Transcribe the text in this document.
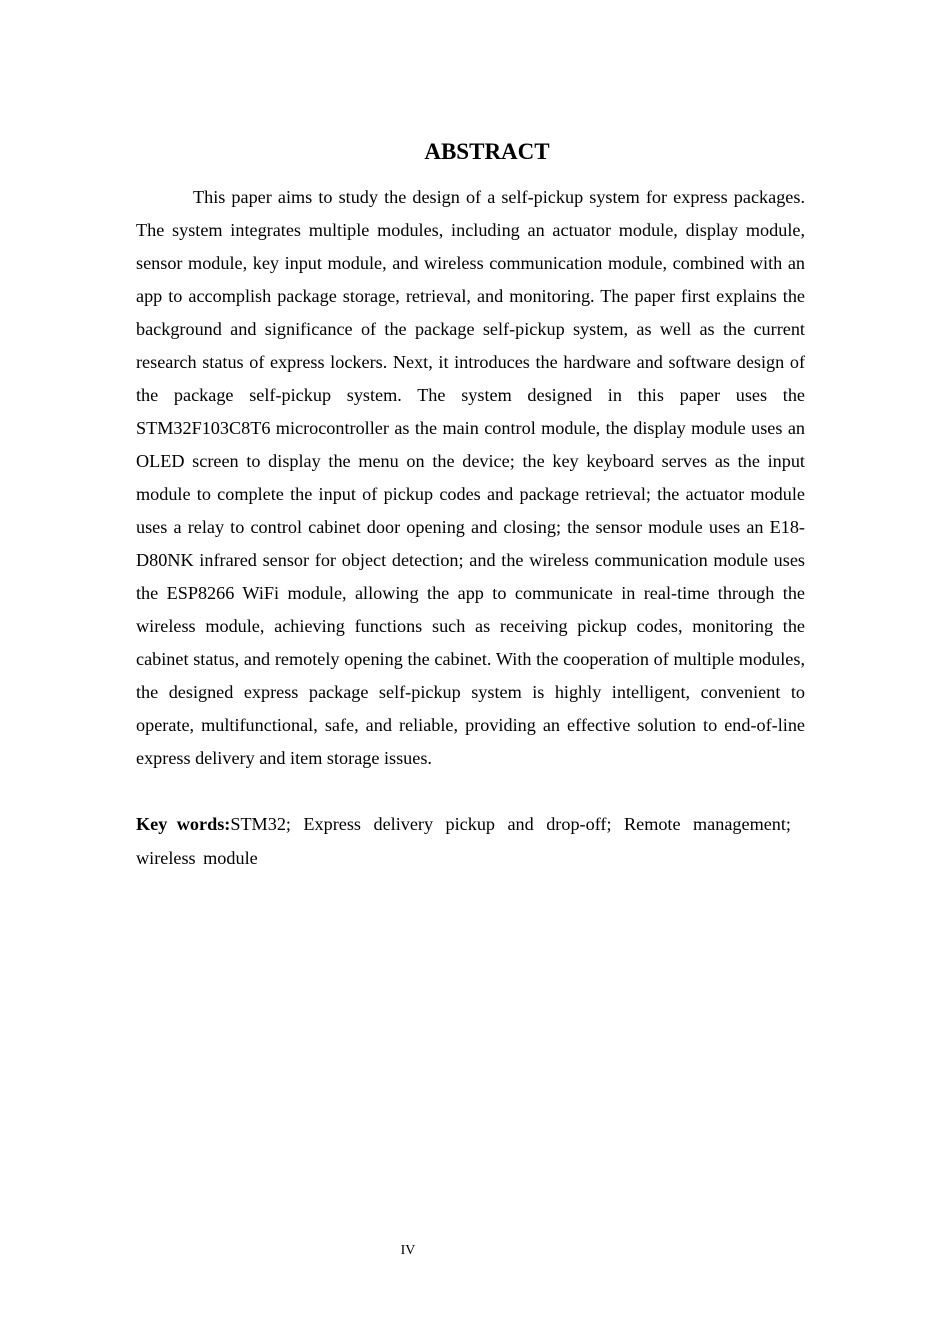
ABSTRACT

This paper aims to study the design of a self-pickup system for express packages. The system integrates multiple modules, including an actuator module, display module, sensor module, key input module, and wireless communication module, combined with an app to accomplish package storage, retrieval, and monitoring. The paper first explains the background and significance of the package self-pickup system, as well as the current research status of express lockers. Next, it introduces the hardware and software design of the package self-pickup system. The system designed in this paper uses the STM32F103C8T6 microcontroller as the main control module, the display module uses an OLED screen to display the menu on the device; the key keyboard serves as the input module to complete the input of pickup codes and package retrieval; the actuator module uses a relay to control cabinet door opening and closing; the sensor module uses an E18-D80NK infrared sensor for object detection; and the wireless communication module uses the ESP8266 WiFi module, allowing the app to communicate in real-time through the wireless module, achieving functions such as receiving pickup codes, monitoring the cabinet status, and remotely opening the cabinet. With the cooperation of multiple modules, the designed express package self-pickup system is highly intelligent, convenient to operate, multifunctional, safe, and reliable, providing an effective solution to end-of-line express delivery and item storage issues.

Key words:STM32; Express delivery pickup and drop-off; Remote management; wireless module

IV
